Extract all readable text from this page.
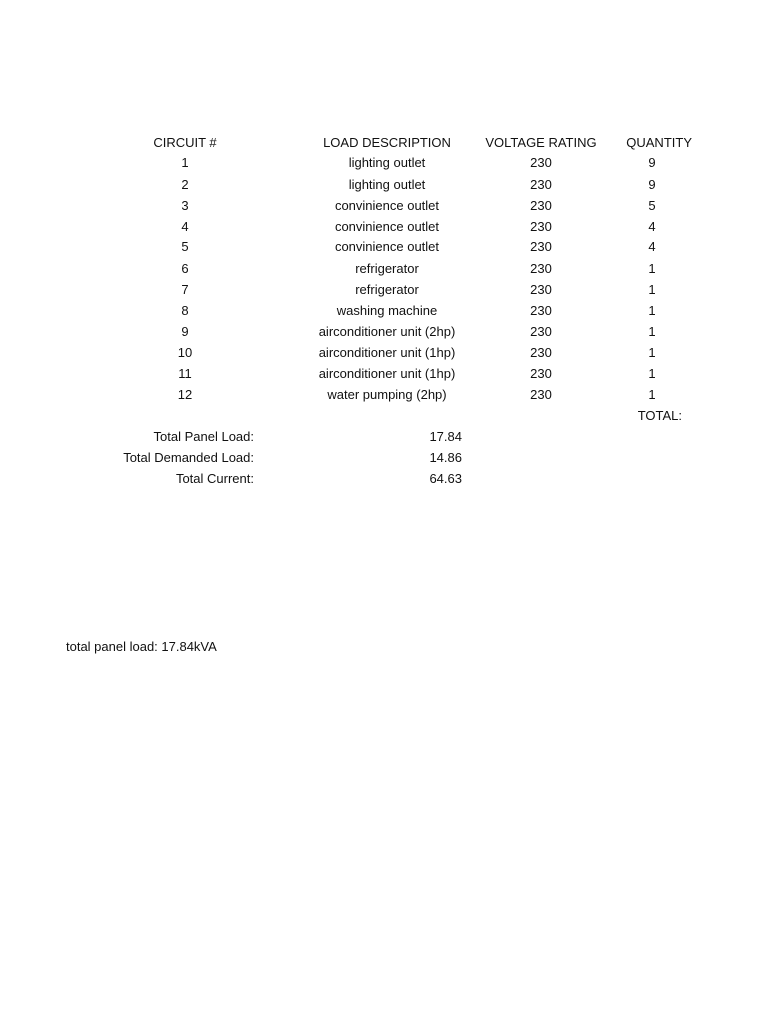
CIRCUIT #	LOAD DESCRIPTION	VOLTAGE RATING	QUANTITY
1	lighting outlet	230	9
2	lighting outlet	230	9
3	convinience outlet	230	5
4	convinience outlet	230	4
5	convinience outlet	230	4
6	refrigerator	230	1
7	refrigerator	230	1
8	washing machine	230	1
9	airconditioner unit (2hp)	230	1
10	airconditioner unit (1hp)	230	1
11	airconditioner unit (1hp)	230	1
12	water pumping (2hp)	230	1
TOTAL:
Total Panel Load:	17.84
Total Demanded Load:	14.86
Total Current:	64.63
total panel load: 17.84kVA
